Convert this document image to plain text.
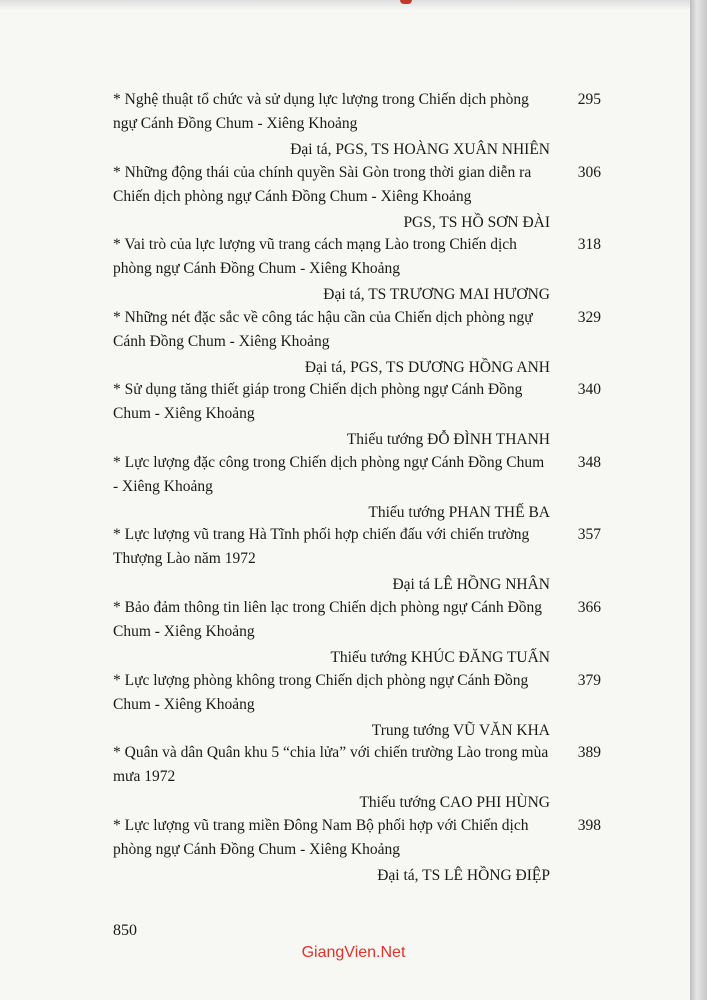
* Nghệ thuật tổ chức và sử dụng lực lượng trong Chiến dịch phòng ngự Cánh Đồng Chum - Xiêng Khoảng
295
Đại tá, PGS, TS HOÀNG XUÂN NHIÊN
* Những động thái của chính quyền Sài Gòn trong thời gian diễn ra Chiến dịch phòng ngự Cánh Đồng Chum - Xiêng Khoảng
306
PGS, TS HỒ SƠN ĐÀI
* Vai trò của lực lượng vũ trang cách mạng Lào trong Chiến dịch phòng ngự Cánh Đồng Chum - Xiêng Khoảng
318
Đại tá, TS TRƯƠNG MAI HƯƠNG
* Những nét đặc sắc về công tác hậu cần của Chiến dịch phòng ngự Cánh Đồng Chum - Xiêng Khoảng
329
Đại tá, PGS, TS DƯƠNG HỒNG ANH
* Sử dụng tăng thiết giáp trong Chiến dịch phòng ngự Cánh Đồng Chum - Xiêng Khoảng
340
Thiếu tướng ĐỖ ĐÌNH THANH
* Lực lượng đặc công trong Chiến dịch phòng ngự Cánh Đồng Chum - Xiêng Khoảng
348
Thiếu tướng PHAN THẾ BA
* Lực lượng vũ trang Hà Tĩnh phối hợp chiến đấu với chiến trường Thượng Lào năm 1972
357
Đại tá LÊ HỒNG NHÂN
* Bảo đảm thông tin liên lạc trong Chiến dịch phòng ngự Cánh Đồng Chum - Xiêng Khoảng
366
Thiếu tướng KHÚC ĐĂNG TUẤN
* Lực lượng phòng không trong Chiến dịch phòng ngự Cánh Đồng Chum - Xiêng Khoảng
379
Trung tướng VŨ VĂN KHA
* Quân và dân Quân khu 5 “chia lửa” với chiến trường Lào trong mùa mưa 1972
389
Thiếu tướng CAO PHI HÙNG
* Lực lượng vũ trang miền Đông Nam Bộ phối hợp với Chiến dịch phòng ngự Cánh Đồng Chum - Xiêng Khoảng
398
Đại tá, TS LÊ HỒNG ĐIỆP
850
GiangVien.Net
